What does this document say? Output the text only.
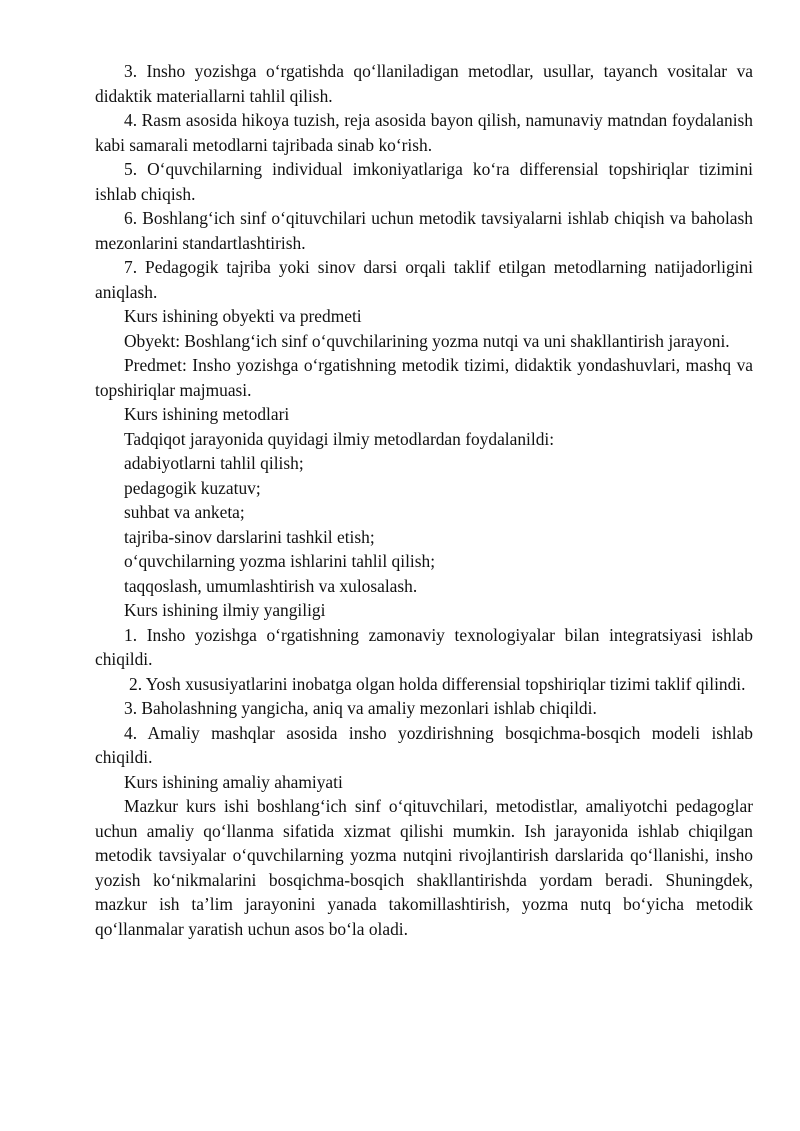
3. Insho yozishga o‘rgatishda qo‘llaniladigan metodlar, usullar, tayanch vositalar va didaktik materiallarni tahlil qilish.

4. Rasm asosida hikoya tuzish, reja asosida bayon qilish, namunaviy matndan foydalanish kabi samarali metodlarni tajribada sinab ko‘rish.

5. O‘quvchilarning individual imkoniyatlariga ko‘ra differensial topshiriqlar tizimini ishlab chiqish.

6. Boshlang‘ich sinf o‘qituvchilari uchun metodik tavsiyalarni ishlab chiqish va baholash mezonlarini standartlashtirish.

7. Pedagogik tajriba yoki sinov darsi orqali taklif etilgan metodlarning natijadorligini aniqlash.

Kurs ishining obyekti va predmeti

Obyekt: Boshlang‘ich sinf o‘quvchilarining yozma nutqi va uni shakllantirish jarayoni.

Predmet: Insho yozishga o‘rgatishning metodik tizimi, didaktik yondashuvlari, mashq va topshiriqlar majmuasi.

Kurs ishining metodlari

Tadqiqot jarayonida quyidagi ilmiy metodlardan foydalanildi:

adabiyotlarni tahlil qilish;

pedagogik kuzatuv;

suhbat va anketa;

tajriba-sinov darslarini tashkil etish;

o‘quvchilarning yozma ishlarini tahlil qilish;

taqqoslash, umumlashtirish va xulosalash.

Kurs ishining ilmiy yangiligi

1. Insho yozishga o‘rgatishning zamonaviy texnologiyalar bilan integratsiyasi ishlab chiqildi.

2. Yosh xususiyatlarini inobatga olgan holda differensial topshiriqlar tizimi taklif qilindi.

3. Baholashning yangicha, aniq va amaliy mezonlari ishlab chiqildi.

4. Amaliy mashqlar asosida insho yozdirishning bosqichma-bosqich modeli ishlab chiqildi.

Kurs ishining amaliy ahamiyati

Mazkur kurs ishi boshlang‘ich sinf o‘qituvchilari, metodistlar, amaliyotchi pedagoglar uchun amaliy qo‘llanma sifatida xizmat qilishi mumkin. Ish jarayonida ishlab chiqilgan metodik tavsiyalar o‘quvchilarning yozma nutqini rivojlantirish darslarida qo‘llanishi, insho yozish ko‘nikmalarini bosqichma-bosqich shakllantirishda yordam beradi. Shuningdek, mazkur ish ta’lim jarayonini yanada takomillashtirish, yozma nutq bo‘yicha metodik qo‘llanmalar yaratish uchun asos bo‘la oladi.
